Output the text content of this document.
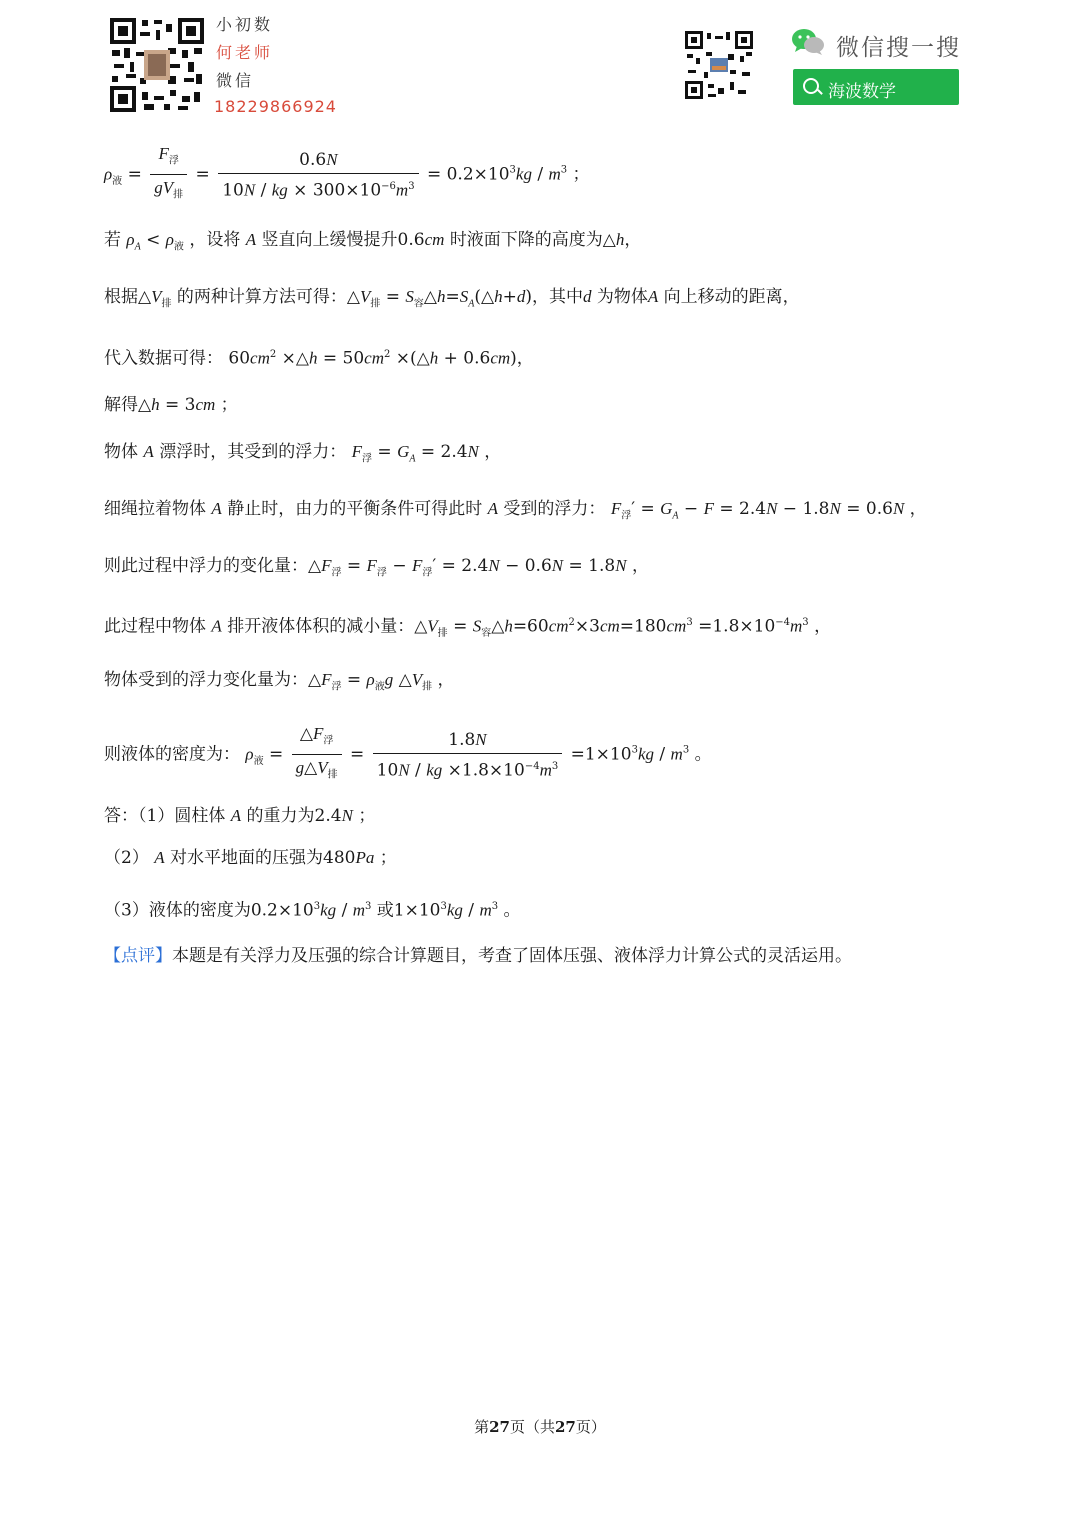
小初数
何老师
微信
18229866924
微信搜一搜
海波数学
$\rho_液 = \frac{F_浮}{gV_排} = \frac{0.6N}{10N / kg \times 300\times 10^{-6}m^3} = 0.2\times 10^3kg / m^3$ ；
若 $\rho_A < \rho_液$ ，设将 A 竖直向上缓慢提升0.6cm 时液面下降的高度为△h，
根据$\triangle V_排$ 的两种计算方法可得：$\triangle V_排$ = $S_容\triangle h=S_A(\triangle h+d)$，其中d 为物体A 向上移动的距离，
代入数据可得： $60cm^2$ ×△h = $50cm^2$ ×(△h + 0.6cm)，
解得△h = 3cm ；
物体 A 漂浮时，其受到的浮力： $F_浮 = G_A = 2.4N$ ，
细绳拉着物体 A 静止时，由力的平衡条件可得此时 A 受到的浮力： $F_浮' = G_A - F = 2.4N - 1.8N = 0.6N$ ，
则此过程中浮力的变化量：$\triangle F_浮 = F_浮 - F_浮' = 2.4N - 0.6N = 1.8N$ ，
此过程中物体 A 排开液体体积的减小量：$\triangle V_排$ = $S_容\triangle h=60cm^2\times 3cm=180cm^3 =1.8\times 10^{-4}m^3$ ，
物体受到的浮力变化量为：$\triangle F_浮 = \rho_液g$ $\triangle V_排$ ，
则液体的密度为： $\rho_液 = \frac{\triangle F_浮}{g\triangle V_排} = \frac{1.8N}{10N / kg \times 1.8\times 10^{-4}m^3} =1\times 10^3kg / m^3$ 。
答：（1）圆柱体 A 的重力为2.4N ；
（2） A 对水平地面的压强为480Pa ；
（3）液体的密度为$0.2\times 10^3kg / m^3$ 或$1\times 10^3kg / m^3$ 。
【点评】本题是有关浮力及压强的综合计算题目，考查了固体压强、液体浮力计算公式的灵活运用。
第27页（共27页）
